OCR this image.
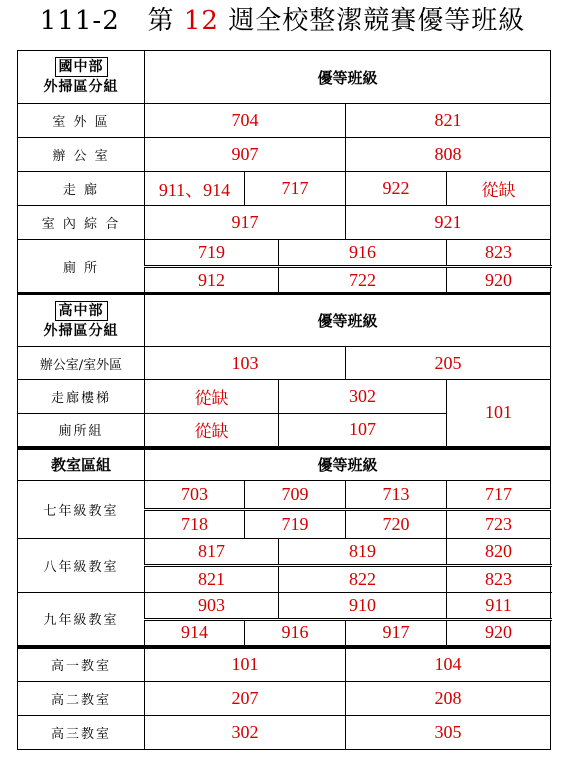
111-2 第 12 週全校整潔競賽優等班級
國中部
外掃區分組	優等班級				
室 外 區	704			821	
辦 公 室	907			808	
走 廊	911、914	717		922	從缺
室 內 綜 合	917			921	
廁 所	719		916		823
	912		722		920
高中部
外掃區分組	優等班級				
辦公室/室外區	103			205	
走廊樓梯	從缺		302		101
廁所組	從缺		107		
教室區組	優等班級				
七年級教室	703	709		713	717
	718	719		720	723
八年級教室	817		819		820
	821		822		823
九年級教室	903		910		911
	914	916		917	920
高一教室	101			104	
高二教室	207			208	
高三教室	302			305	
